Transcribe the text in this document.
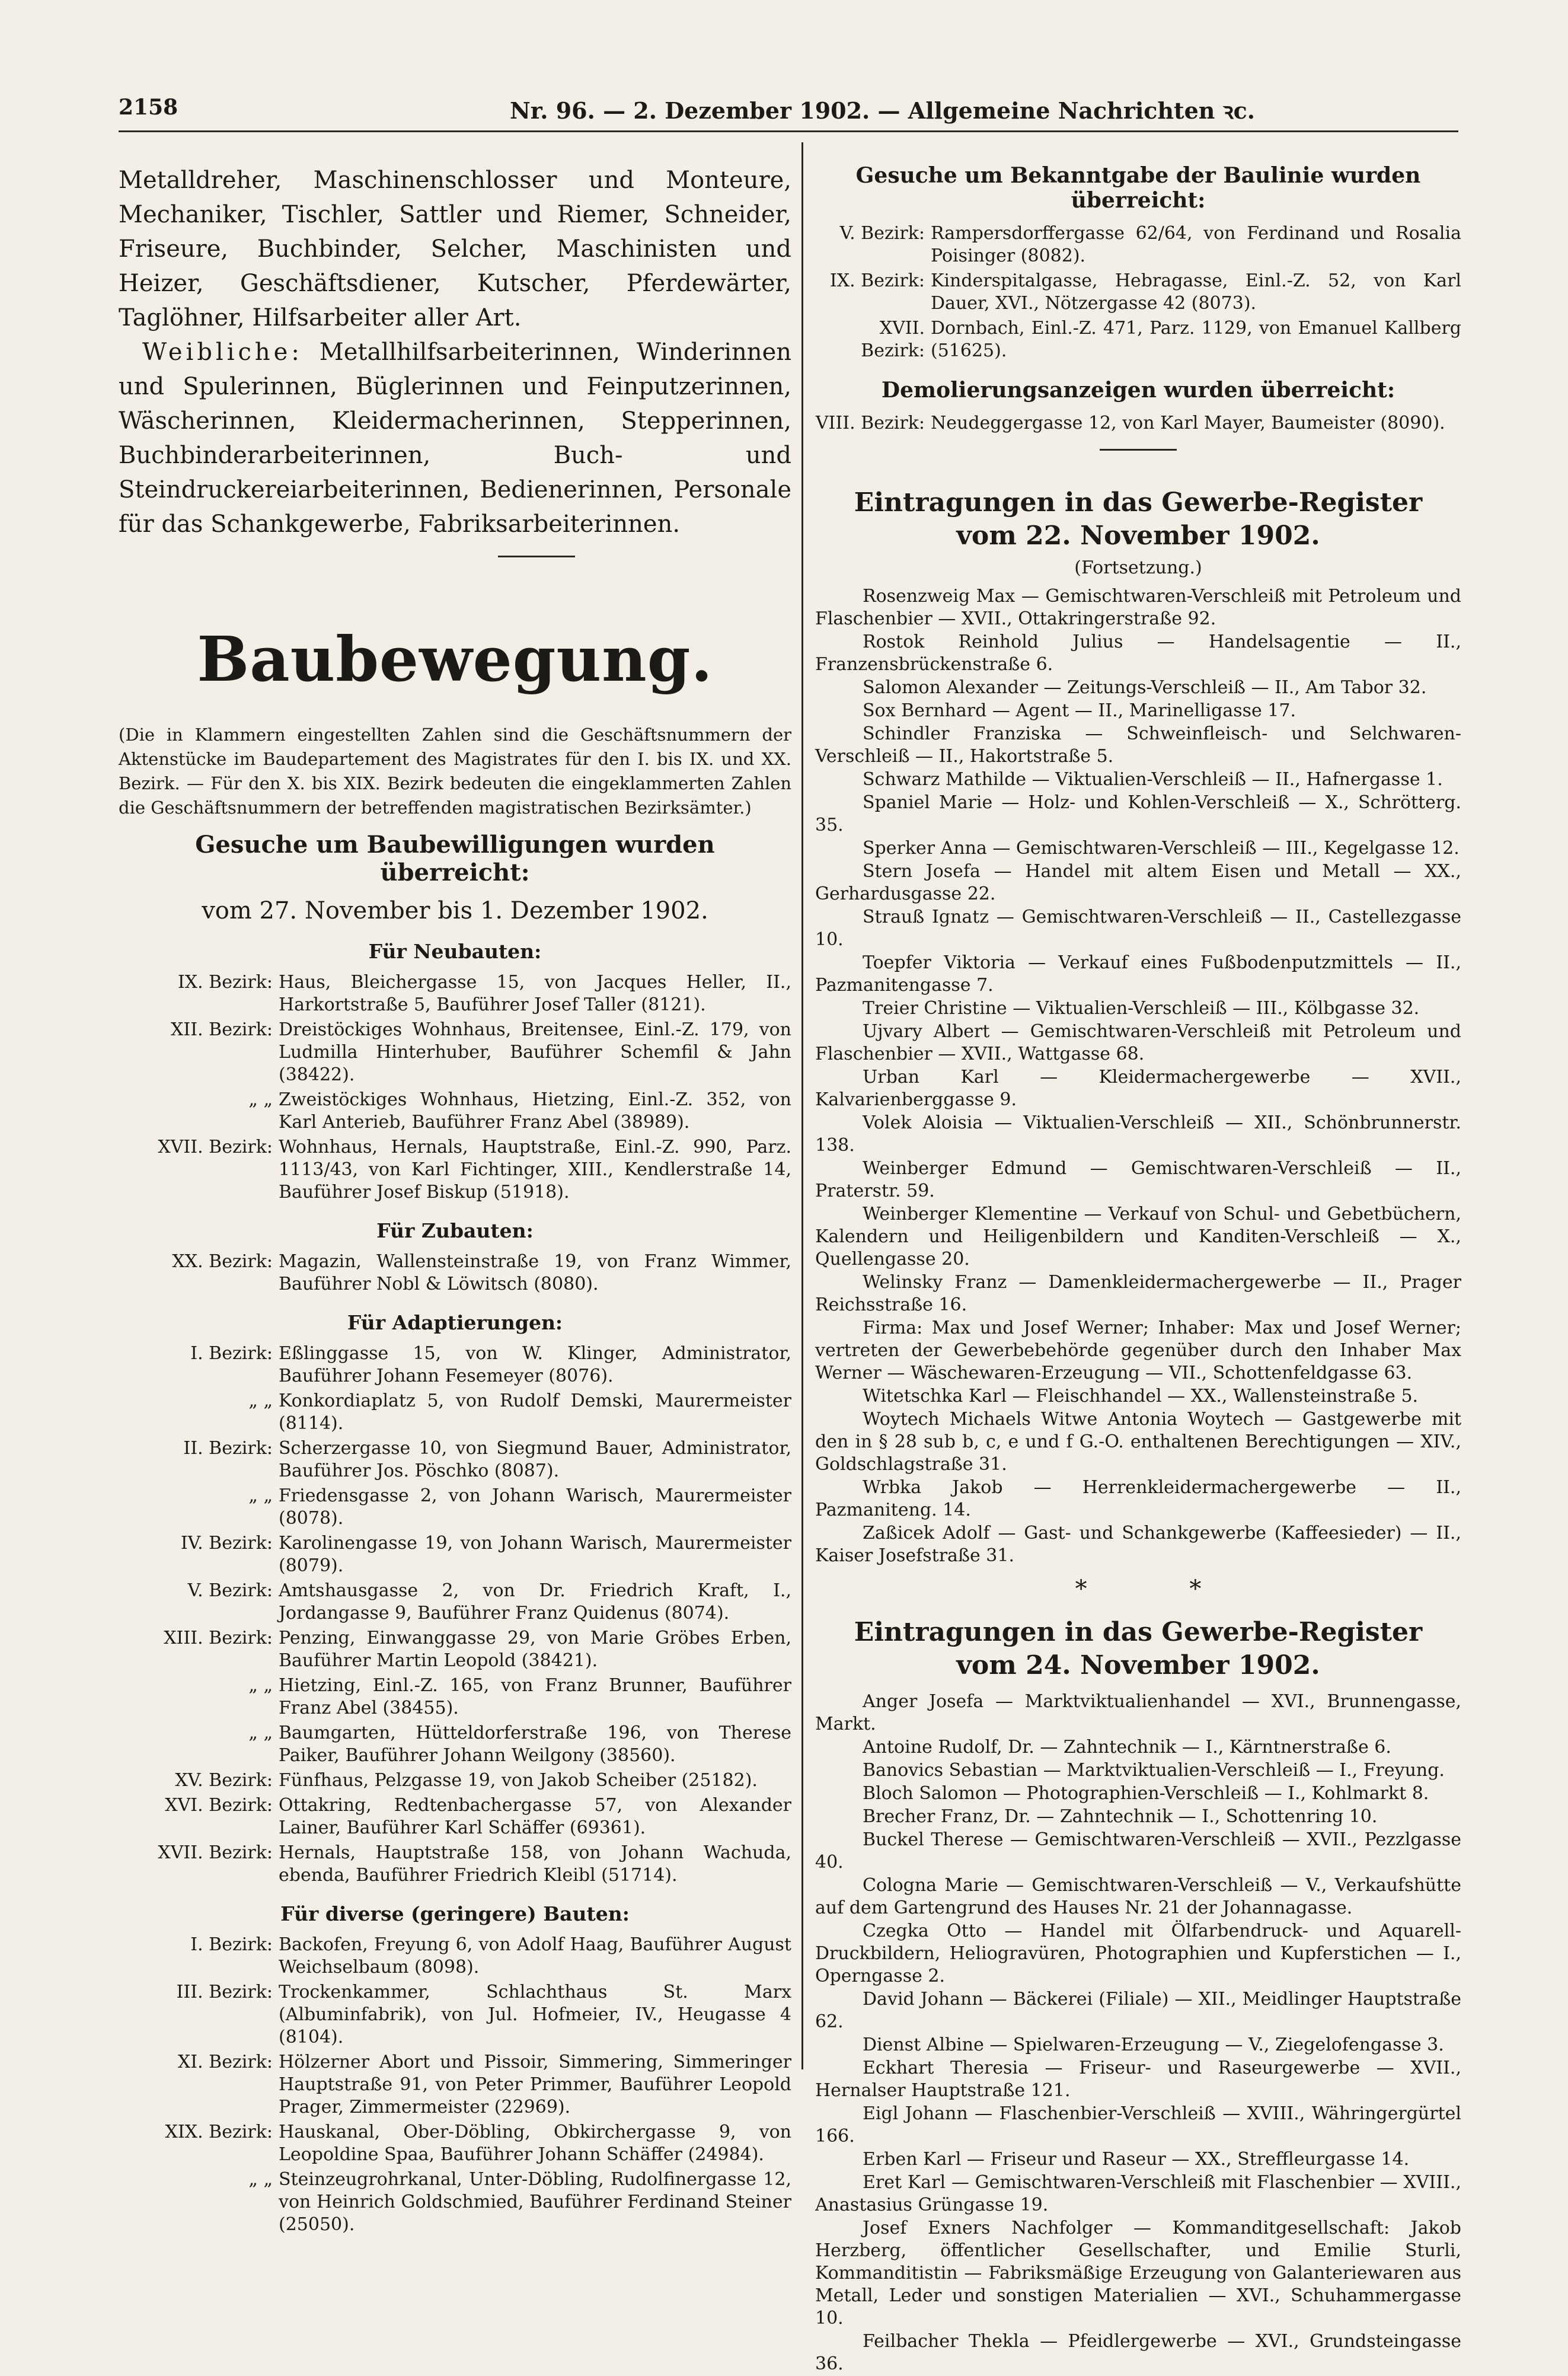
2158	Nr. 96. — 2. Dezember 1902. — Allgemeine Nachrichten ꝛc.

Metalldreher, Maschinenschlosser und Monteure, Mechaniker, Tischler, Sattler und Riemer, Schneider, Friseure, Buchbinder, Selcher, Maschinisten und Heizer, Geschäftsdiener, Kutscher, Pferdewärter, Taglöhner, Hilfsarbeiter aller Art.

Weibliche: Metallhilfsarbeiterinnen, Winderinnen und Spulerinnen, Büglerinnen und Feinputzerinnen, Wäscherinnen, Kleidermacherinnen, Stepperinnen, Buchbinderarbeiterinnen, Buch- und Steindruckereiarbeiterinnen, Bedienerinnen, Personale für das Schankgewerbe, Fabriksarbeiterinnen.

Baubewegung.

(Die in Klammern eingestellten Zahlen sind die Geschäftsnummern der Aktenstücke im Baudepartement des Magistrates für den I. bis IX. und XX. Bezirk. — Für den X. bis XIX. Bezirk bedeuten die eingeklammerten Zahlen die Geschäftsnummern der betreffenden magistratischen Bezirksämter.)

Gesuche um Baubewilligungen wurden überreicht:
vom 27. November bis 1. Dezember 1902.
Für Neubauten:
IX. Bezirk: Haus, Bleichergasse 15, von Jacques Heller, II., Harkortstraße 5, Bauführer Josef Taller (8121).
XII. Bezirk: Dreistöckiges Wohnhaus, Breitensee, Einl.-Z. 179, von Ludmilla Hinterhuber, Bauführer Schemfil & Jahn (38422).
„ „ Zweistöckiges Wohnhaus, Hietzing, Einl.-Z. 352, von Karl Anterieb, Bauführer Franz Abel (38989).
XVII. Bezirk: Wohnhaus, Hernals, Hauptstraße, Einl.-Z. 990, Parz. 1113/43, von Karl Fichtinger, XIII., Kendlerstraße 14, Bauführer Josef Biskup (51918).
Für Zubauten:
XX. Bezirk: Magazin, Wallensteinstraße 19, von Franz Wimmer, Bauführer Nobl & Löwitsch (8080).
Für Adaptierungen:
I. Bezirk: Eßlinggasse 15, von W. Klinger, Administrator, Bauführer Johann Fesemeyer (8076).
„ „ Konkordiaplatz 5, von Rudolf Demski, Maurermeister (8114).
II. Bezirk: Scherzergasse 10, von Siegmund Bauer, Administrator, Bauführer Jos. Pöschko (8087).
„ „ Friedensgasse 2, von Johann Warisch, Maurermeister (8078).
IV. Bezirk: Karolinengasse 19, von Johann Warisch, Maurermeister (8079).
V. Bezirk: Amtshausgasse 2, von Dr. Friedrich Kraft, I., Jordangasse 9, Bauführer Franz Quidenus (8074).
XIII. Bezirk: Penzing, Einwanggasse 29, von Marie Gröbes Erben, Bauführer Martin Leopold (38421).
„ „ Hietzing, Einl.-Z. 165, von Franz Brunner, Bauführer Franz Abel (38455).
„ „ Baumgarten, Hütteldorferstraße 196, von Therese Paiker, Bauführer Johann Weilgony (38560).
XV. Bezirk: Fünfhaus, Pelzgasse 19, von Jakob Scheiber (25182).
XVI. Bezirk: Ottakring, Redtenbachergasse 57, von Alexander Lainer, Bauführer Karl Schäffer (69361).
XVII. Bezirk: Hernals, Hauptstraße 158, von Johann Wachuda, ebenda, Bauführer Friedrich Kleibl (51714).
Für diverse (geringere) Bauten:
I. Bezirk: Backofen, Freyung 6, von Adolf Haag, Bauführer August Weichselbaum (8098).
III. Bezirk: Trockenkammer, Schlachthaus St. Marx (Albuminfabrik), von Jul. Hofmeier, IV., Heugasse 4 (8104).
XI. Bezirk: Hölzerner Abort und Pissoir, Simmering, Simmeringer Hauptstraße 91, von Peter Primmer, Bauführer Leopold Prager, Zimmermeister (22969).
XIX. Bezirk: Hauskanal, Ober-Döbling, Obkirchergasse 9, von Leopoldine Spaa, Bauführer Johann Schäffer (24984).
„ „ Steinzeugrohrkanal, Unter-Döbling, Rudolfinergasse 12, von Heinrich Goldschmied, Bauführer Ferdinand Steiner (25050).
Gesuche um Bekanntgabe der Baulinie wurden überreicht:
V. Bezirk: Rampersdorffergasse 62/64, von Ferdinand und Rosalia Poisinger (8082).
IX. Bezirk: Kinderspitalgasse, Hebragasse, Einl.-Z. 52, von Karl Dauer, XVI., Nötzergasse 42 (8073).
XVII. Bezirk:
Dornbach, Einl.-Z. 471, Parz. 1129, von Emanuel Kallberg (51625).
Demolierungsanzeigen wurden überreicht:
VIII. Bezirk: Neudeggergasse 12, von Karl Mayer, Baumeister (8090).
Eintragungen in das Gewerbe-Register
vom 22. November 1902.
(Fortsetzung.)

Rosenzweig Max — Gemischtwaren-Verschleiß mit Petroleum und Flaschenbier — XVII., Ottakringerstraße 92.

Rostok Reinhold Julius — Handelsagentie — II., Franzensbrückenstraße 6.

Salomon Alexander — Zeitungs-Verschleiß — II., Am Tabor 32.

Sox Bernhard — Agent — II., Marinelligasse 17.

Schindler Franziska — Schweinfleisch- und Selchwaren-Verschleiß — II., Hakortstraße 5.

Schwarz Mathilde — Viktualien-Verschleiß — II., Hafnergasse 1.

Spaniel Marie — Holz- und Kohlen-Verschleiß — X., Schrötterg. 35.

Sperker Anna — Gemischtwaren-Verschleiß — III., Kegelgasse 12.

Stern Josefa — Handel mit altem Eisen und Metall — XX., Gerhardusgasse 22.

Strauß Ignatz — Gemischtwaren-Verschleiß — II., Castellezgasse 10.

Toepfer Viktoria — Verkauf eines Fußbodenputzmittels — II., Pazmanitengasse 7.

Treier Christine — Viktualien-Verschleiß — III., Kölbgasse 32.

Ujvary Albert — Gemischtwaren-Verschleiß mit Petroleum und Flaschenbier — XVII., Wattgasse 68.

Urban Karl — Kleidermachergewerbe — XVII., Kalvarienberggasse 9.

Volek Aloisia — Viktualien-Verschleiß — XII., Schönbrunnerstr. 138.

Weinberger Edmund — Gemischtwaren-Verschleiß — II., Praterstr. 59.

Weinberger Klementine — Verkauf von Schul- und Gebetbüchern, Kalendern und Heiligenbildern und Kanditen-Verschleiß — X., Quellengasse 20.

Welinsky Franz — Damenkleidermachergewerbe — II., Prager Reichsstraße 16.

Firma: Max und Josef Werner; Inhaber: Max und Josef Werner; vertreten der Gewerbebehörde gegenüber durch den Inhaber Max Werner — Wäschewaren-Erzeugung — VII., Schottenfeldgasse 63.

Witetschka Karl — Fleischhandel — XX., Wallensteinstraße 5.

Woytech Michaels Witwe Antonia Woytech — Gastgewerbe mit den in § 28 sub b, c, e und f G.-O. enthaltenen Berechtigungen — XIV., Goldschlagstraße 31.

Wrbka Jakob — Herrenkleidermachergewerbe — II., Pazmaniteng. 14.

Zaßicek Adolf — Gast- und Schankgewerbe (Kaffeesieder) — II., Kaiser Josefstraße 31.

* *
Eintragungen in das Gewerbe-Register
vom 24. November 1902.

Anger Josefa — Marktviktualienhandel — XVI., Brunnengasse, Markt.

Antoine Rudolf, Dr. — Zahntechnik — I., Kärntnerstraße 6.

Banovics Sebastian — Marktviktualien-Verschleiß — I., Freyung.

Bloch Salomon — Photographien-Verschleiß — I., Kohlmarkt 8.

Brecher Franz, Dr. — Zahntechnik — I., Schottenring 10.

Buckel Therese — Gemischtwaren-Verschleiß — XVII., Pezzlgasse 40.

Cologna Marie — Gemischtwaren-Verschleiß — V., Verkaufshütte auf dem Gartengrund des Hauses Nr. 21 der Johannagasse.

Czegka Otto — Handel mit Ölfarbendruck- und Aquarell-Druckbildern, Heliogravüren, Photographien und Kupferstichen — I., Operngasse 2.

David Johann — Bäckerei (Filiale) — XII., Meidlinger Hauptstraße 62.

Dienst Albine — Spielwaren-Erzeugung — V., Ziegelofengasse 3.

Eckhart Theresia — Friseur- und Raseurgewerbe — XVII., Hernalser Hauptstraße 121.

Eigl Johann — Flaschenbier-Verschleiß — XVIII., Währingergürtel 166.

Erben Karl — Friseur und Raseur — XX., Streffleurgasse 14.

Eret Karl — Gemischtwaren-Verschleiß mit Flaschenbier — XVIII., Anastasius Grüngasse 19.

Josef Exners Nachfolger — Kommanditgesellschaft: Jakob Herzberg, öffentlicher Gesellschafter, und Emilie Sturli, Kommanditistin — Fabriksmäßige Erzeugung von Galanteriewaren aus Metall, Leder und sonstigen Materialien — XVI., Schuhammergasse 10.

Feilbacher Thekla — Pfeidlergewerbe — XVI., Grundsteingasse 36.
